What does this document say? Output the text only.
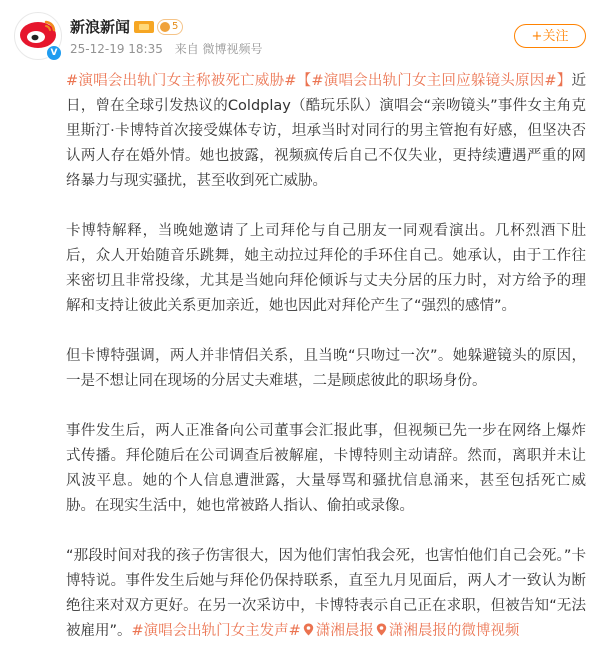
V
新浪新闻	5
25-12-19 18:35 来自 微博视频号
+关注

#演唱会出轨门女主称被死亡威胁#【#演唱会出轨门女主回应躲镜头原因#】近日，曾在全球引发热议的Coldplay（酷玩乐队）演唱会“亲吻镜头”事件女主角克里斯汀·卡博特首次接受媒体专访，坦承当时对同行的男主管抱有好感，但坚决否认两人存在婚外情。她也披露，视频疯传后自己不仅失业，更持续遭遇严重的网络暴力与现实骚扰，甚至收到死亡威胁。

卡博特解释，当晚她邀请了上司拜伦与自己朋友一同观看演出。几杯烈酒下肚后，众人开始随音乐跳舞，她主动拉过拜伦的手环住自己。她承认，由于工作往来密切且非常投缘，尤其是当她向拜伦倾诉与丈夫分居的压力时，对方给予的理解和支持让彼此关系更加亲近，她也因此对拜伦产生了“强烈的感情”。

但卡博特强调，两人并非情侣关系，且当晚“只吻过一次”。她躲避镜头的原因，一是不想让同在现场的分居丈夫难堪，二是顾虑彼此的职场身份。

事件发生后，两人正准备向公司董事会汇报此事，但视频已先一步在网络上爆炸式传播。拜伦随后在公司调查后被解雇，卡博特则主动请辞。然而，离职并未让风波平息。她的个人信息遭泄露，大量辱骂和骚扰信息涌来，甚至包括死亡威胁。在现实生活中，她也常被路人指认、偷拍或录像。

“那段时间对我的孩子伤害很大，因为他们害怕我会死，也害怕他们自己会死。”卡博特说。事件发生后她与拜伦仍保持联系，直至九月见面后，两人才一致认为断绝往来对双方更好。在另一次采访中，卡博特表示自己正在求职，但被告知“无法被雇用”。#演唱会出轨门女主发声# 潇湘晨报 潇湘晨报的微博视频
